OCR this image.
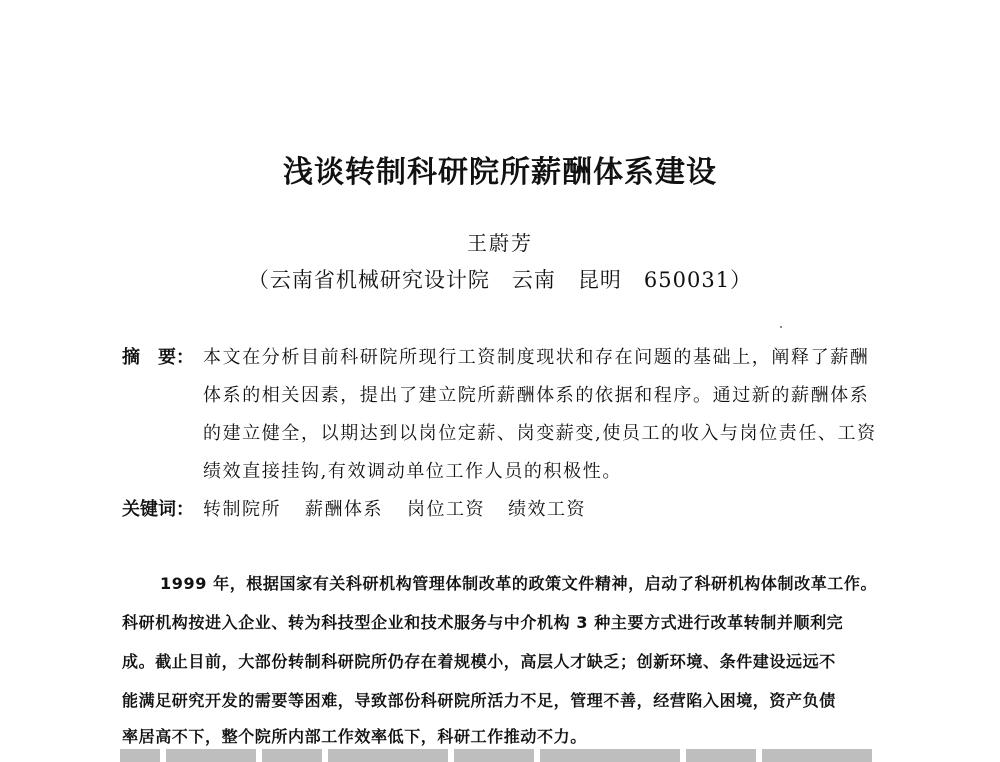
浅谈转制科研院所薪酬体系建设
王蔚芳
（云南省机械研究设计院　云南　昆明　650031）
摘　要： 本文在分析目前科研院所现行工资制度现状和存在问题的基础上，阐释了薪酬
体系的相关因素，提出了建立院所薪酬体系的依据和程序。通过新的薪酬体系
的建立健全，以期达到以岗位定薪、岗变薪变,使员工的收入与岗位责任、工资
绩效直接挂钩,有效调动单位工作人员的积极性。
关键词： 转制院所 薪酬体系 岗位工资 绩效工资
1999 年，根据国家有关科研机构管理体制改革的政策文件精神，启动了科研机构体制改革工作。
科研机构按进入企业、转为科技型企业和技术服务与中介机构 3 种主要方式进行改革转制并顺利完
成。截止目前，大部份转制科研院所仍存在着规模小，高层人才缺乏；创新环境、条件建设远远不
能满足研究开发的需要等困难，导致部份科研院所活力不足，管理不善，经营陷入困境，资产负债
率居高不下，整个院所内部工作效率低下，科研工作推动不力。
